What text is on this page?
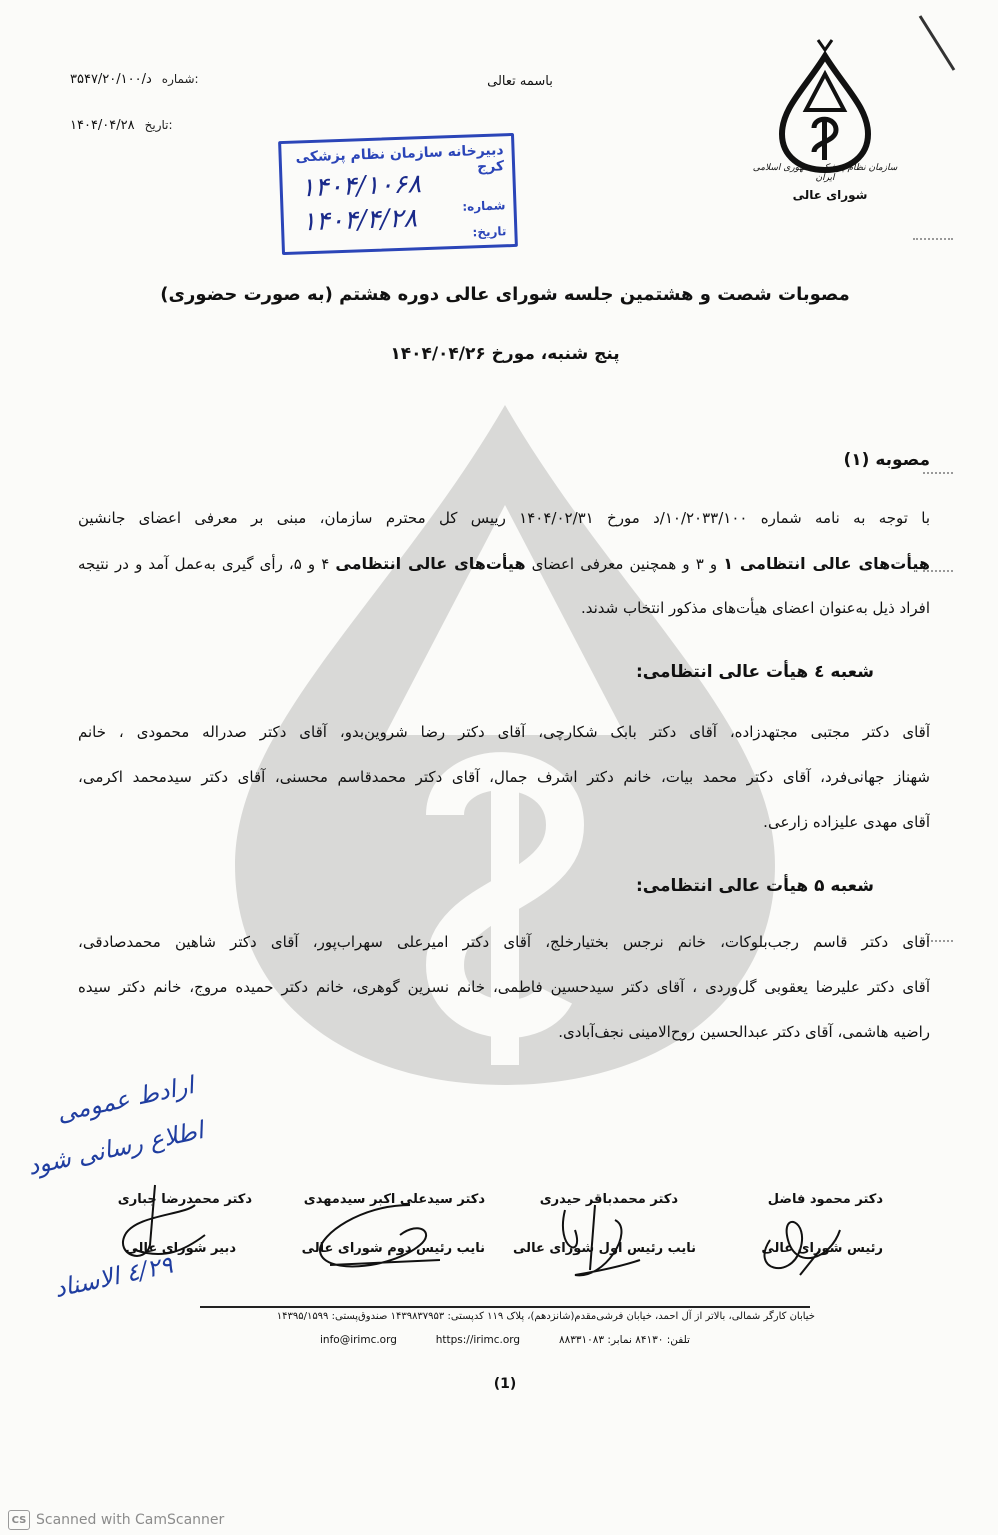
۳۵۴۷/۲۰/۱۰۰/د شماره:
۱۴۰۴/۰۴/۲۸ تاریخ:
باسمه تعالی
سازمان نظام پزشکی جمهوری اسلامی ایران
شورای عالی
دبیرخانه سازمان نظام پزشکی کرج
شماره:
۱۴۰۴/۱۰۶۸
تاریخ:
۱۴۰۴/۴/۲۸
مصوبات شصت و هشتمین جلسه شورای عالی دوره هشتم (به صورت حضوری)
پنج شنبه، مورخ ۱۴۰۴/۰۴/۲۶
مصوبه (۱)
با توجه به نامه شماره ۱۰/۲۰۳۳/۱۰۰/د مورخ ۱۴۰۴/۰۲/۳۱ رییس کل محترم سازمان، مبنی بر معرفی اعضای جانشین
هیأت‌های عالی انتظامی ۱ و ۳ و همچنین معرفی اعضای هیأت‌های عالی انتظامی ۴ و ۵، رأی گیری به‌عمل آمد و در نتیجه
افراد ذیل به‌عنوان اعضای هیأت‌های مذکور انتخاب شدند.
شعبه ٤ هیأت عالی انتظامی:
آقای دکتر مجتبی مجتهدزاده، آقای دکتر بابک شکارچی، آقای دکتر رضا شروین‌بدو، آقای دکتر صدراله محمودی ، خانم
شهناز جهانی‌فرد، آقای دکتر محمد بیات، خانم دکتر اشرف جمال، آقای دکتر محمدقاسم محسنی، آقای دکتر سیدمحمد اکرمی،
آقای مهدی علیزاده زارعی.
شعبه ۵ هیأت عالی انتظامی:
آقای دکتر قاسم رجب‌بلوکات، خانم نرجس بختیارخلج، آقای دکتر امیرعلی سهراب‌پور، آقای دکتر شاهین محمدصادقی،
آقای دکتر علیرضا یعقوبی گل‌وردی ، آقای دکتر سیدحسین فاطمی، خانم نسرین گوهری، خانم دکتر حمیده مروج، خانم دکتر سیده
راضیه هاشمی، آقای دکتر عبدالحسین روح‌الامینی نجف‌آبادی.
ارادط عمومی اطلاع رسانی شود
۲۹/٤ الاسناد
دکتر محمود فاضل
رئیس شورای عالی
دکتر محمدباقر حیدری
نایب رئیس اول شورای عالی
دکتر سیدعلی اکبر سیدمهدی
نایب رئیس دوم شورای عالی
دکتر محمدرضا جباری
دبیر شورای عالی
خیابان کارگر شمالی، بالاتر از آل احمد، خیابان فرشی‌مقدم(شانزدهم)، پلاک ۱۱۹ کدپستی: ۱۴۳۹۸۳۷۹۵۳ صندوق‌پستی: ۱۴۳۹۵/۱۵۹۹
info@irimc.org	https://irimc.org	تلفن: ۸۴۱۳۰ نمابر: ۸۸۳۳۱۰۸۳
(1)
CS Scanned with CamScanner
